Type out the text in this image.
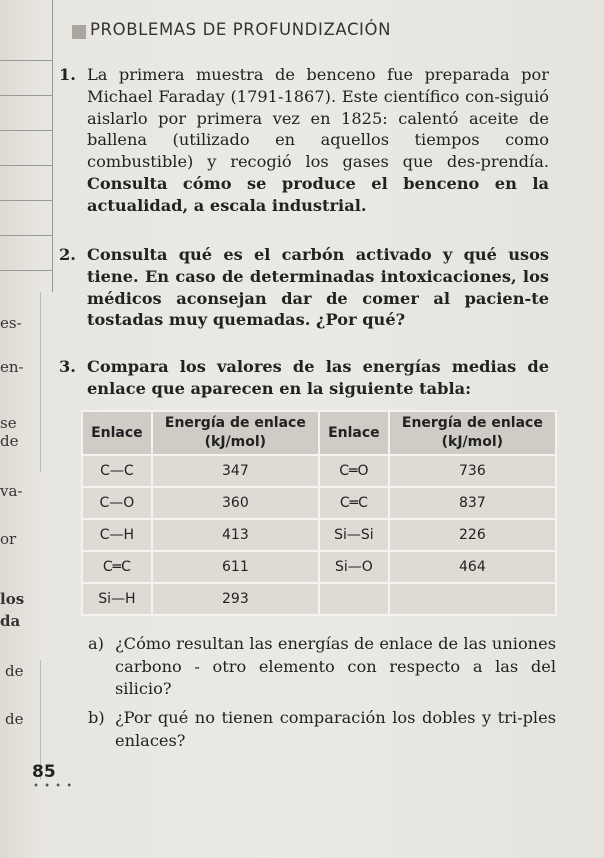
PROBLEMAS DE PROFUNDIZACIÓN
1. La primera muestra de benceno fue preparada por Michael Faraday (1791-1867). Este científico con-siguió aislarlo por primera vez en 1825: calentó aceite de ballena (utilizado en aquellos tiempos como combustible) y recogió los gases que des-prendía. Consulta cómo se produce el benceno en la actualidad, a escala industrial.
2. Consulta qué es el carbón activado y qué usos tiene. En caso de determinadas intoxicaciones, los médicos aconsejan dar de comer al pacien-te tostadas muy quemadas. ¿Por qué?
3. Compara los valores de las energías medias de enlace que aparecen en la siguiente tabla:
es-
en-
se
de
va-
or
los
da
de
de
Enlace	Energía de enlace (kJ/mol)	Enlace	Energía de enlace (kJ/mol)
C—C	347	C═O	736
C—O	360	C═C	837
C—H	413	Si—Si	226
C═C	611	Si—O	464
Si—H	293		
a) ¿Cómo resultan las energías de enlace de las uniones carbono - otro elemento con respecto a las del silicio?
b) ¿Por qué no tienen comparación los dobles y tri-ples enlaces?
85
• • • •
